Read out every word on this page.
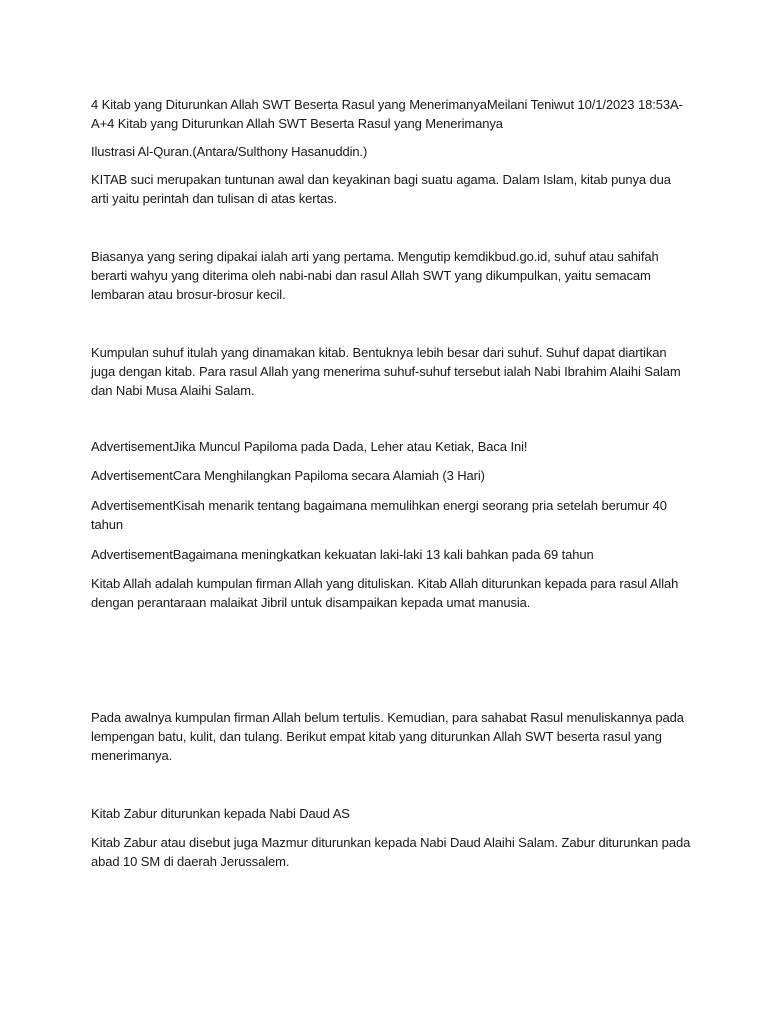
4 Kitab yang Diturunkan Allah SWT Beserta Rasul yang MenerimanyaMeilani Teniwut 10/1/2023 18:53A-A+4 Kitab yang Diturunkan Allah SWT Beserta Rasul yang Menerimanya

Ilustrasi Al-Quran.(Antara/Sulthony Hasanuddin.)

KITAB suci merupakan tuntunan awal dan keyakinan bagi suatu agama. Dalam Islam, kitab punya dua arti yaitu perintah dan tulisan di atas kertas.

Biasanya yang sering dipakai ialah arti yang pertama. Mengutip kemdikbud.go.id, suhuf atau sahifah berarti wahyu yang diterima oleh nabi-nabi dan rasul Allah SWT yang dikumpulkan, yaitu semacam lembaran atau brosur-brosur kecil.

Kumpulan suhuf itulah yang dinamakan kitab. Bentuknya lebih besar dari suhuf. Suhuf dapat diartikan juga dengan kitab. Para rasul Allah yang menerima suhuf-suhuf tersebut ialah Nabi Ibrahim Alaihi Salam dan Nabi Musa Alaihi Salam.

AdvertisementJika Muncul Papiloma pada Dada, Leher atau Ketiak, Baca Ini!

AdvertisementCara Menghilangkan Papiloma secara Alamiah (3 Hari)

AdvertisementKisah menarik tentang bagaimana memulihkan energi seorang pria setelah berumur 40 tahun

AdvertisementBagaimana meningkatkan kekuatan laki-laki 13 kali bahkan pada 69 tahun

Kitab Allah adalah kumpulan firman Allah yang dituliskan. Kitab Allah diturunkan kepada para rasul Allah dengan perantaraan malaikat Jibril untuk disampaikan kepada umat manusia.

Pada awalnya kumpulan firman Allah belum tertulis. Kemudian, para sahabat Rasul menuliskannya pada lempengan batu, kulit, dan tulang. Berikut empat kitab yang diturunkan Allah SWT beserta rasul yang menerimanya.

Kitab Zabur diturunkan kepada Nabi Daud AS

Kitab Zabur atau disebut juga Mazmur diturunkan kepada Nabi Daud Alaihi Salam. Zabur diturunkan pada abad 10 SM di daerah Jerussalem.
